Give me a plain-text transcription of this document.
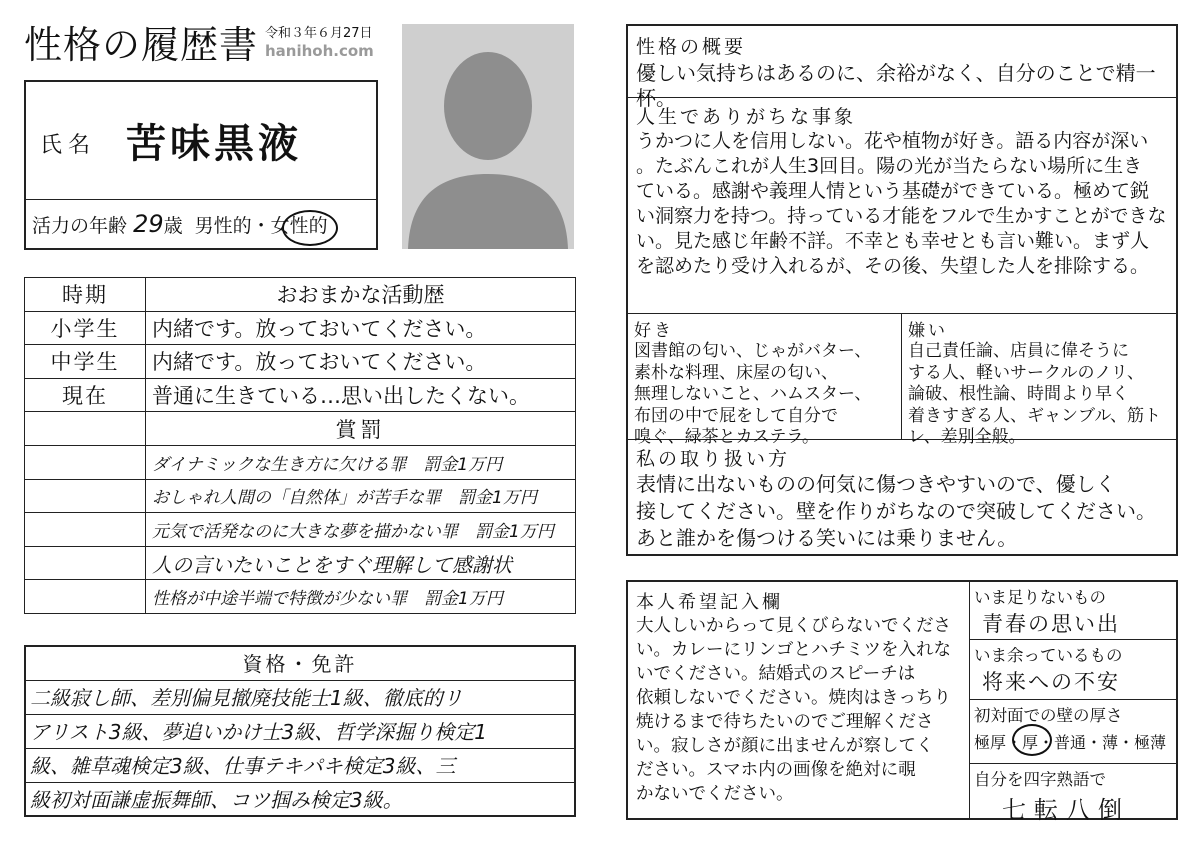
性格の履歴書 令和３年６月27日
hanihoh.com
氏名 苦味黒液
活力の年齢 29歳 男性的・女性的
時期	おおまかな活動歴
小学生	内緒です。放っておいてください。
中学生	内緒です。放っておいてください。
現在	普通に生きている…思い出したくない。
	賞罰
	ダイナミックな生き方に欠ける罪　罰金1万円
	おしゃれ人間の「自然体」が苦手な罪　罰金1万円
	元気で活発なのに大きな夢を描かない罪　罰金1万円
	人の言いたいことをすぐ理解して感謝状
	性格が中途半端で特徴が少ない罪　罰金1万円
資格・免許
二級寂し師、差別偏見撤廃技能士1級、徹底的リ
アリスト3級、夢追いかけ士3級、哲学深掘り検定1
級、雑草魂検定3級、仕事テキパキ検定3級、三
級初対面謙虚振舞師、コツ掴み検定3級。
性格の概要
優しい気持ちはあるのに、余裕がなく、自分のことで精一杯。
人生でありがちな事象
うかつに人を信用しない。花や植物が好き。語る内容が深い
。たぶんこれが人生3回目。陽の光が当たらない場所に生き
ている。感謝や義理人情という基礎ができている。極めて鋭
い洞察力を持つ。持っている才能をフルで生かすことができな
い。見た感じ年齢不詳。不幸とも幸せとも言い難い。まず人
を認めたり受け入れるが、その後、失望した人を排除する。
好き
図書館の匂い、じゃがバター、
素朴な料理、床屋の匂い、
無理しないこと、ハムスター、
布団の中で屁をして自分で
嗅ぐ、緑茶とカステラ。
嫌い
自己責任論、店員に偉そうに
する人、軽いサークルのノリ、
論破、根性論、時間より早く
着きすぎる人、ギャンブル、筋ト
レ、差別全般。
私の取り扱い方
表情に出ないものの何気に傷つきやすいので、優しく
接してください。壁を作りがちなので突破してください。
あと誰かを傷つける笑いには乗りません。
本人希望記入欄
大人しいからって見くびらないでくださ
い。カレーにリンゴとハチミツを入れな
いでください。結婚式のスピーチは
依頼しないでください。焼肉はきっちり
焼けるまで待ちたいのでご理解くださ
い。寂しさが顔に出ませんが察してく
ださい。スマホ内の画像を絶対に覗
かないでください。
いま足りないもの
青春の思い出
いま余っているもの
将来への不安
初対面での壁の厚さ
極厚・厚・普通・薄・極薄
自分を四字熟語で
七転八倒
